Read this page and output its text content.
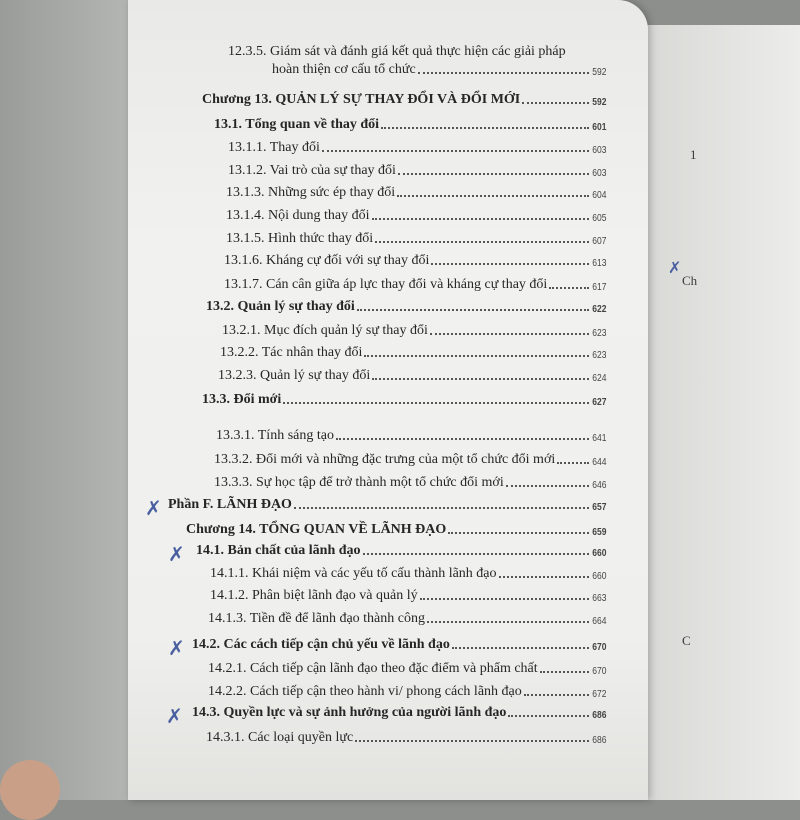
1
Ch
C
12.3.5. Giám sát và đánh giá kết quả thực hiện các giải pháp
hoàn thiện cơ cấu tổ chức	592
Chương 13. QUẢN LÝ SỰ THAY ĐỔI VÀ ĐỔI MỚI	592
13.1. Tổng quan về thay đổi	601
13.1.1. Thay đổi	603
13.1.2. Vai trò của sự thay đổi	603
13.1.3. Những sức ép thay đổi	604
13.1.4. Nội dung thay đổi	605
13.1.5. Hình thức thay đổi	607
13.1.6. Kháng cự đối với sự thay đổi	613
13.1.7. Cán cân giữa áp lực thay đổi và kháng cự thay đổi	617
13.2. Quản lý sự thay đổi	622
13.2.1. Mục đích quản lý sự thay đổi	623
13.2.2. Tác nhân thay đổi	623
13.2.3. Quản lý sự thay đổi	624
13.3. Đổi mới	627
13.3.1. Tính sáng tạo	641
13.3.2. Đổi mới và những đặc trưng của một tổ chức đổi mới	644
13.3.3. Sự học tập để trở thành một tổ chức đổi mới	646
Phần F. LÃNH ĐẠO	657
Chương 14. TỔNG QUAN VỀ LÃNH ĐẠO	659
14.1. Bản chất của lãnh đạo	660
14.1.1. Khái niệm và các yếu tố cấu thành lãnh đạo	660
14.1.2. Phân biệt lãnh đạo và quản lý	663
14.1.3. Tiền đề để lãnh đạo thành công	664
14.2. Các cách tiếp cận chủ yếu về lãnh đạo	670
14.2.1. Cách tiếp cận lãnh đạo theo đặc điểm và phẩm chất	670
14.2.2. Cách tiếp cận theo hành vi/ phong cách lãnh đạo	672
14.3. Quyền lực và sự ảnh hưởng của người lãnh đạo	686
14.3.1. Các loại quyền lực	686
✗
✗
✗
✗
✗
